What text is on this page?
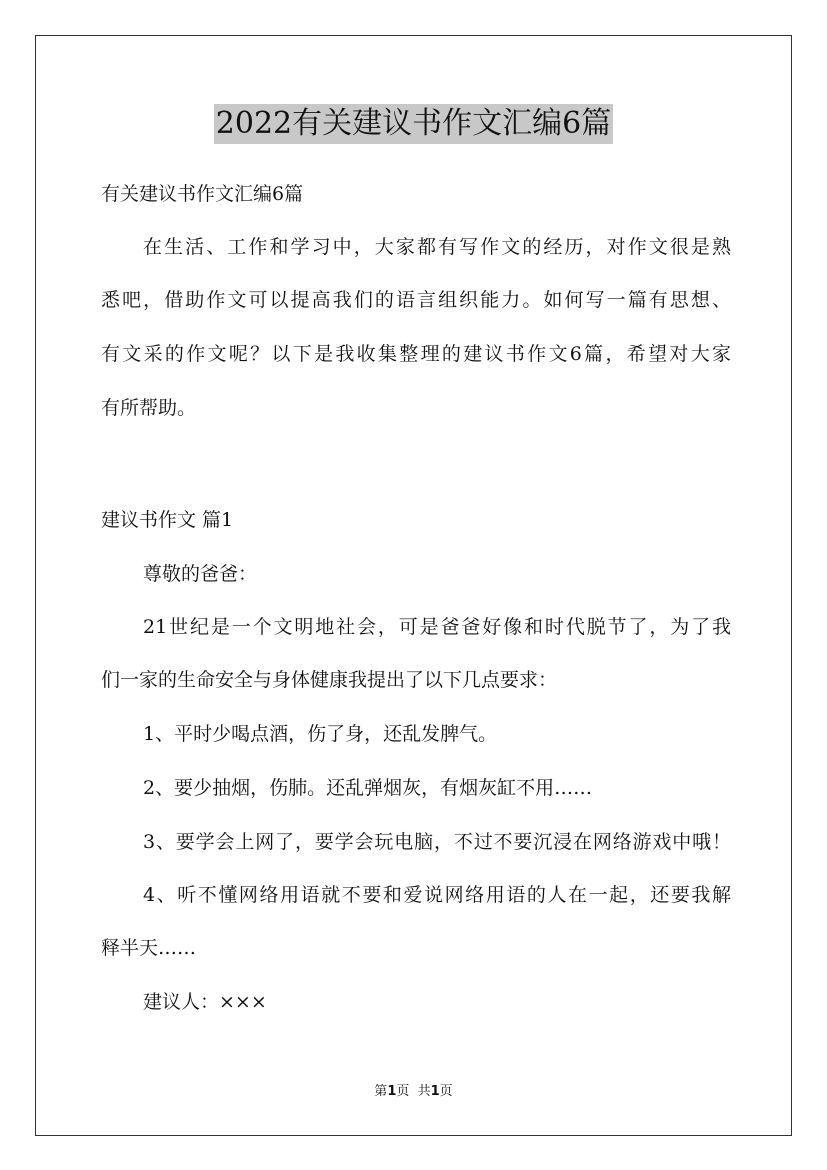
2022有关建议书作文汇编6篇
有关建议书作文汇编6篇
在生活、工作和学习中，大家都有写作文的经历，对作文很是熟
悉吧，借助作文可以提高我们的语言组织能力。如何写一篇有思想、
有文采的作文呢？以下是我收集整理的建议书作文6篇，希望对大家
有所帮助。
建议书作文 篇1
尊敬的爸爸：
21世纪是一个文明地社会，可是爸爸好像和时代脱节了，为了我
们一家的生命安全与身体健康我提出了以下几点要求：
1、平时少喝点酒，伤了身，还乱发脾气。
2、要少抽烟，伤肺。还乱弹烟灰，有烟灰缸不用……
3、要学会上网了，要学会玩电脑，不过不要沉浸在网络游戏中哦！
4、听不懂网络用语就不要和爱说网络用语的人在一起，还要我解
释半天……
建议人：×××
第1页  共1页
